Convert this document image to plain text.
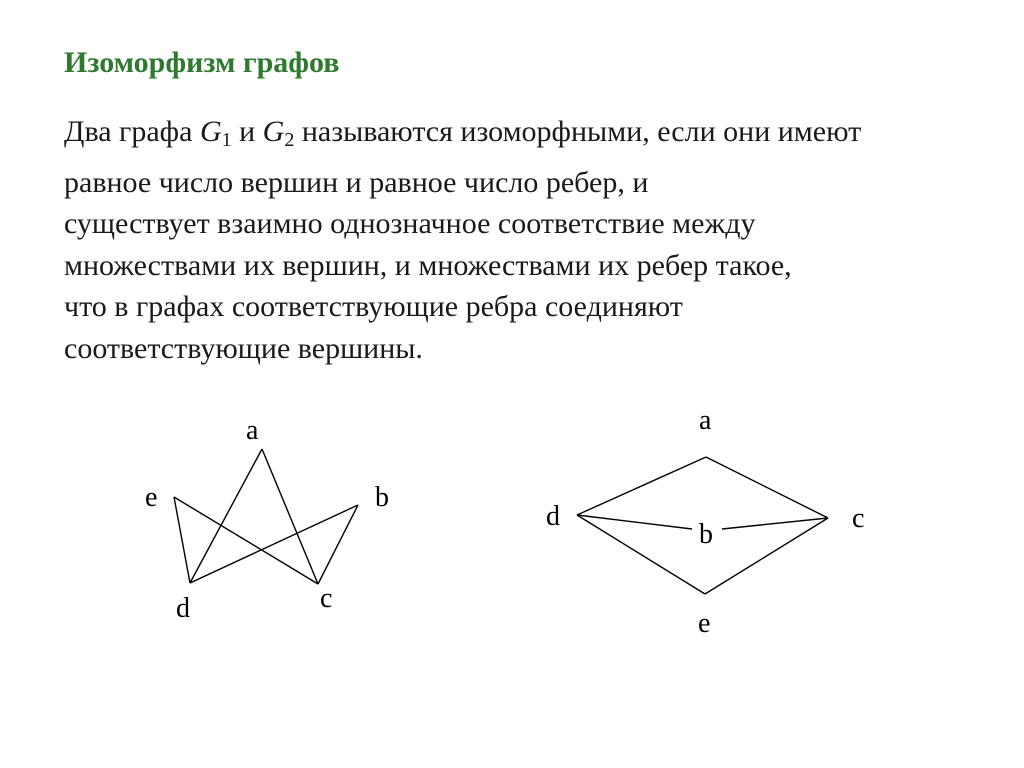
Изоморфизм графов
Два графа $G_1$ и $G_2$ называются изоморфными, если они имеют
равное число вершин и равное число ребер, и
существует взаимно однозначное соответствие между
множествами их вершин, и множествами их ребер такое,
что в графах соответствующие ребра соединяют
соответствующие вершины.
a
e	b
d	c
a
d
b
c
e
